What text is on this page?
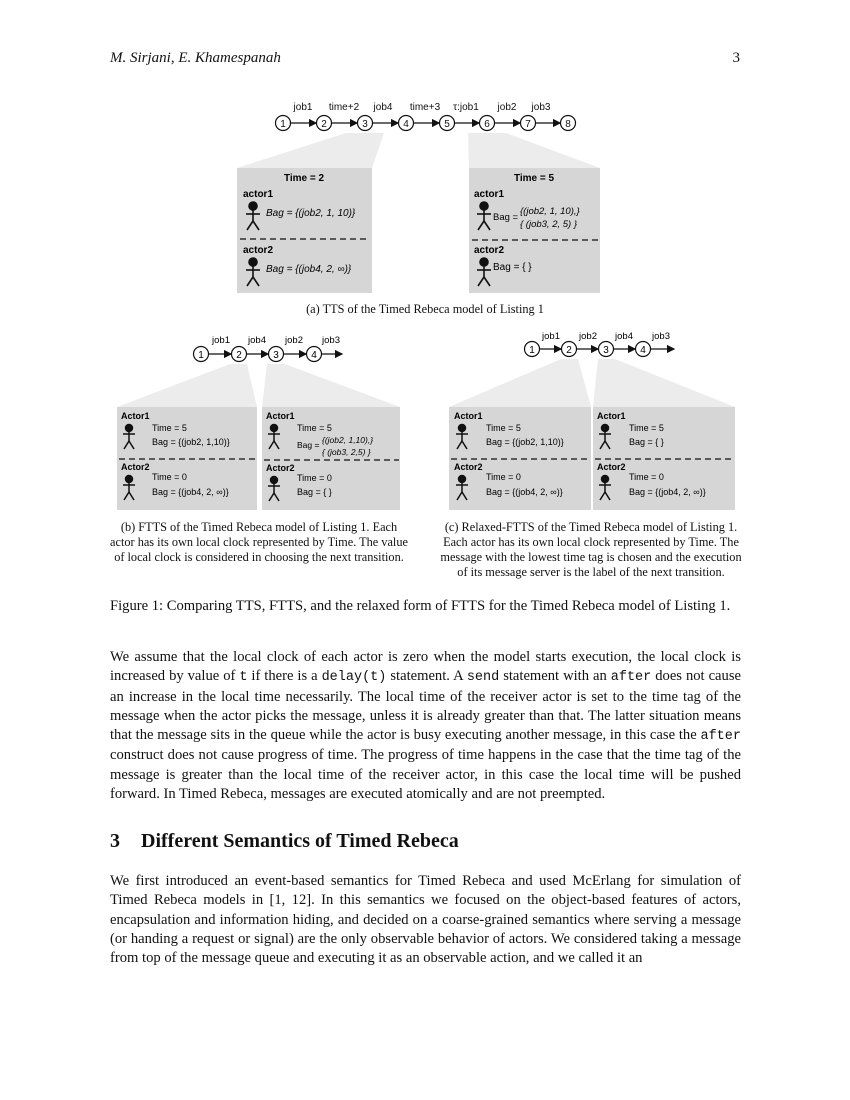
M. Sirjani, E. Khamespanah	3
1	2	3	4	5	6	7	8
job1 time+2 job4 time+3 τ:job1 job2 job3
Time = 2
actor1
Bag = {(job2, 1, 10)}
actor2
Bag = {(job4, 2, ∞)}
Time = 5
actor1
Bag =
{(job2, 1, 10),}
{ (job3, 2, 5) }
actor2
Bag = { }
1	2	3	4
job1 job4 job2 job3
Actor1
Time = 5
Bag = {(job2, 1,10)}
Actor2
Time = 0
Bag = {(job4, 2, ∞)}
Actor1
Time = 5
Bag = {(job2, 1,10),}
{ (job3, 2,5) }
Actor2
Time = 0
Bag = { }
1	2	3	4
job1 job2 job4 job3
Actor1
Time = 5
Bag = {(job2, 1,10)}
Actor2
Time = 0
Bag = {(job4, 2, ∞)}
Actor1
Time = 5
Bag = { }
Actor2
Time = 0
Bag = {(job4, 2, ∞)}
(a) TTS of the Timed Rebeca model of Listing 1
(b) FTTS of the Timed Rebeca model of Listing 1. Each
actor has its own local clock represented by Time. The value
of local clock is considered in choosing the next transition.
(c) Relaxed-FTTS of the Timed Rebeca model of Listing 1.
Each actor has its own local clock represented by Time. The
message with the lowest time tag is chosen and the execution
of its message server is the label of the next transition.
Figure 1: Comparing TTS, FTTS, and the relaxed form of FTTS for the Timed Rebeca model of Listing 1.

We assume that the local clock of each actor is zero when the model starts execution, the local clock is increased by value of t if there is a delay(t) statement. A send statement with an after does not cause an increase in the local time necessarily. The local time of the receiver actor is set to the time tag of the message when the actor picks the message, unless it is already greater than that. The latter situation means that the message sits in the queue while the actor is busy executing another message, in this case the after construct does not cause progress of time. The progress of time happens in the case that the time tag of the message is greater than the local time of the receiver actor, in this case the local time will be pushed forward. In Timed Rebeca, messages are executed atomically and are not preempted.

3 Different Semantics of Timed Rebeca

We first introduced an event-based semantics for Timed Rebeca and used McErlang for simulation of Timed Rebeca models in [1, 12]. In this semantics we focused on the object-based features of actors, encapsulation and information hiding, and decided on a coarse-grained semantics where serving a message (or handing a request or signal) are the only observable behavior of actors. We considered taking a message from top of the message queue and executing it as an observable action, and we called it an
